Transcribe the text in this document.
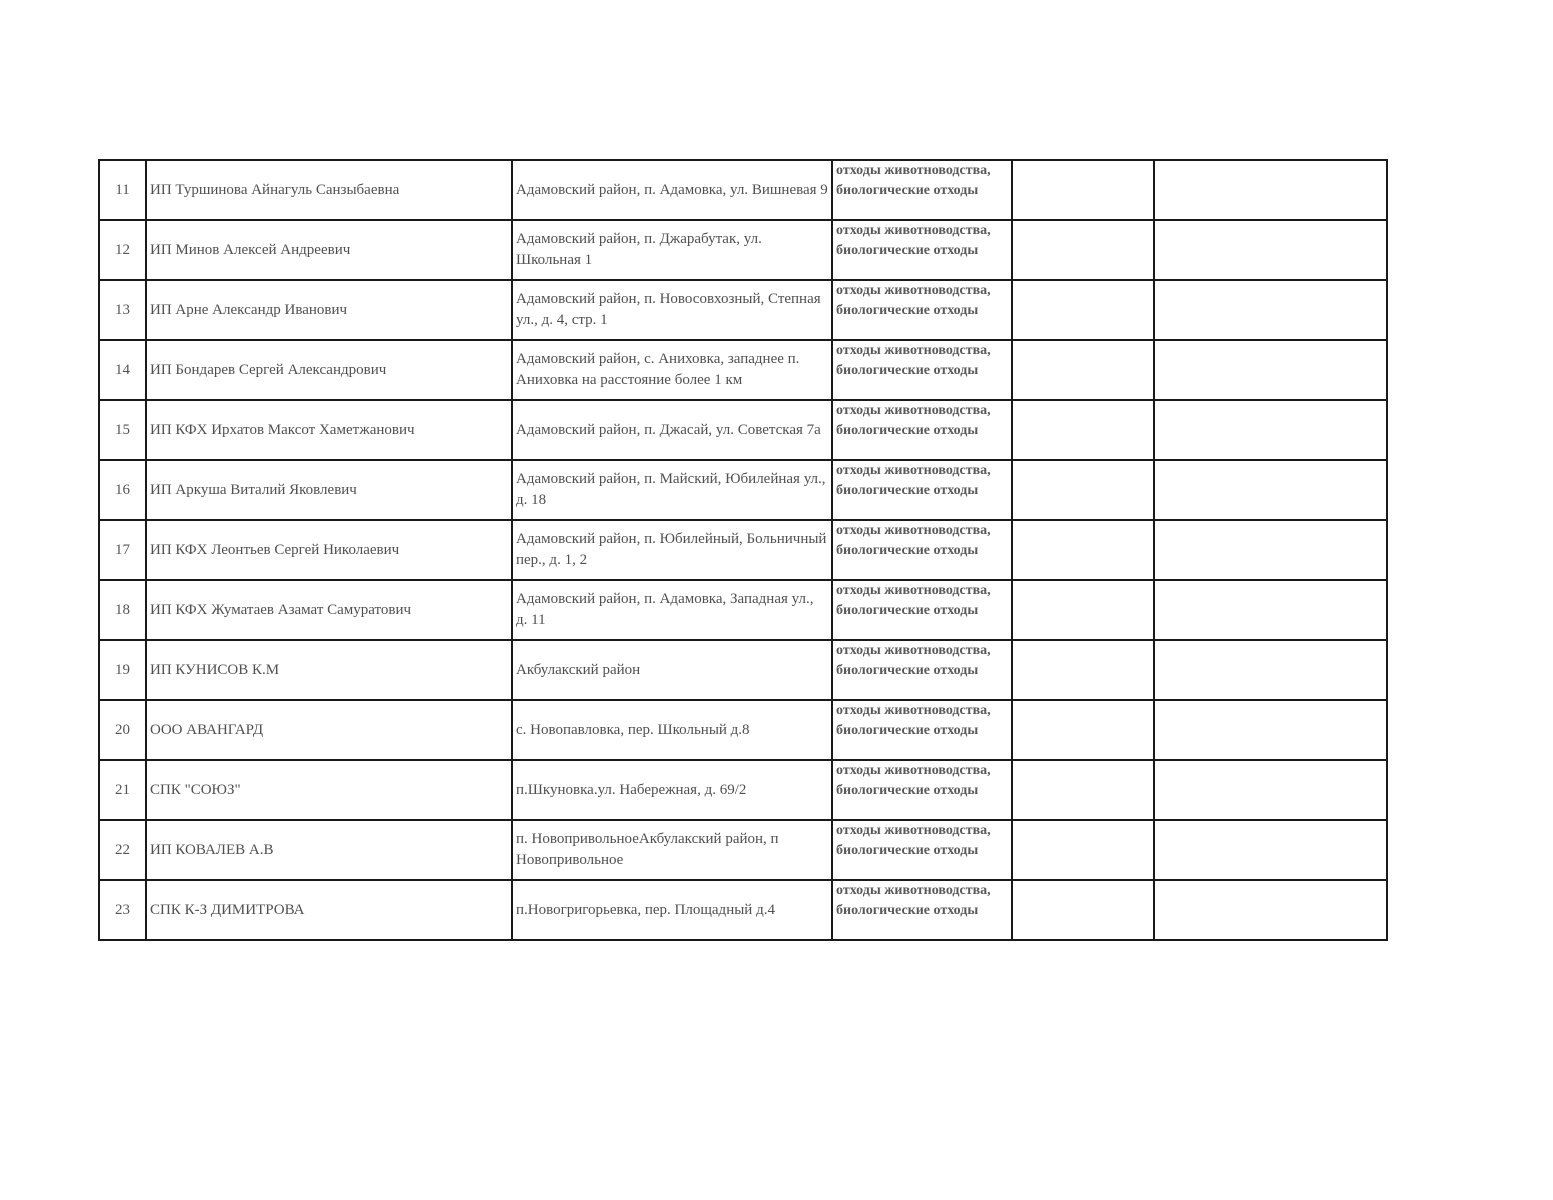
11	ИП Туршинова Айнагуль Санзыбаевна	Адамовский район, п. Адамовка, ул. Вишневая 9	отходы животноводства, биологические отходы		
12	ИП Минов Алексей Андреевич	Адамовский район, п. Джарабутак, ул. Школьная 1	отходы животноводства, биологические отходы		
13	ИП Арне Александр Иванович	Адамовский район, п. Новосовхозный, Степная ул., д. 4, стр. 1	отходы животноводства, биологические отходы		
14	ИП Бондарев Сергей Александрович	Адамовский район, с. Аниховка, западнее п. Аниховка на расстояние более 1 км	отходы животноводства, биологические отходы		
15	ИП КФХ Ирхатов Максот Хаметжанович	Адамовский район, п. Джасай, ул. Советская 7а	отходы животноводства, биологические отходы		
16	ИП Аркуша Виталий Яковлевич	Адамовский район, п. Майский, Юбилейная ул., д. 18	отходы животноводства, биологические отходы		
17	ИП КФХ Леонтьев Сергей Николаевич	Адамовский район, п. Юбилейный, Больничный пер., д. 1, 2	отходы животноводства, биологические отходы		
18	ИП КФХ Жуматаев Азамат Самуратович	Адамовский район, п. Адамовка, Западная ул., д. 11	отходы животноводства, биологические отходы		
19	ИП КУНИСОВ К.М	Акбулакский район	отходы животноводства, биологические отходы		
20	ООО АВАНГАРД	с. Новопавловка, пер. Школьный д.8	отходы животноводства, биологические отходы		
21	СПК "СОЮЗ"	п.Шкуновка.ул. Набережная, д. 69/2	отходы животноводства, биологические отходы		
22	ИП КОВАЛЕВ А.В	п. НовопривольноеАкбулакский район, п Новопривольное	отходы животноводства, биологические отходы		
23	СПК К-З ДИМИТРОВА	п.Новогригорьевка, пер. Площадный д.4	отходы животноводства, биологические отходы		
